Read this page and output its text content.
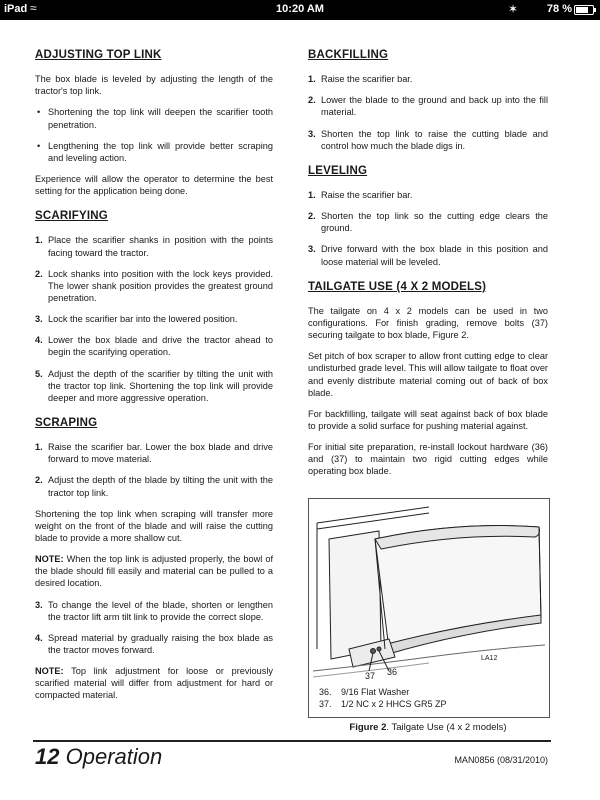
iPad ≈	10:20 AM	✶	78 %
ADJUSTING TOP LINK

The box blade is leveled by adjusting the length of the tractor's top link.

• Shortening the top link will deepen the scarifier tooth penetration.
• Lengthening the top link will provide better scraping and leveling action.

Experience will allow the operator to determine the best setting for the application being done.

SCARIFYING
1. Place the scarifier shanks in position with the points facing toward the tractor.
2. Lock shanks into position with the lock keys provided. The lower shank position provides the greatest ground penetration.
3. Lock the scarifier bar into the lowered position.
4. Lower the box blade and drive the tractor ahead to begin the scarifying operation.
5. Adjust the depth of the scarifier by tilting the unit with the tractor top link. Shortening the top link will provide deeper and more aggressive operation.
SCRAPING
1. Raise the scarifier bar. Lower the box blade and drive forward to move material.
2. Adjust the depth of the blade by tilting the unit with the tractor top link.

Shortening the top link when scraping will transfer more weight on the front of the blade and will raise the cutting blade to provide a more shallow cut.

NOTE: When the top link is adjusted properly, the bowl of the blade should fill easily and material can be pulled to a desired location.

3. To change the level of the blade, shorten or lengthen the tractor lift arm tilt link to provide the correct slope.
4. Spread material by gradually raising the box blade as the tractor moves forward.

NOTE: Top link adjustment for loose or previously scarified material will differ from adjustment for hard or compacted material.

BACKFILLING
1. Raise the scarifier bar.
2. Lower the blade to the ground and back up into the fill material.
3. Shorten the top link to raise the cutting blade and control how much the blade digs in.
LEVELING
1. Raise the scarifier bar.
2. Shorten the top link so the cutting edge clears the ground.
3. Drive forward with the box blade in this position and loose material will be leveled.
TAILGATE USE (4 X 2 MODELS)

The tailgate on 4 x 2 models can be used in two configurations. For finish grading, remove bolts (37) securing tailgate to box blade, Figure 2.

Set pitch of box scraper to allow front cutting edge to clear undisturbed grade level. This will allow tailgate to float over and evenly distribute material coming out of back of box blade.

For backfilling, tailgate will seat against back of box blade to provide a solid surface for pushing material against.

For initial site preparation, re-install lockout hardware (36) and (37) to maintain two rigid cutting edges while operating box blade.

37 36
LA12
36. 9/16 Flat Washer
37. 1/2 NC x 2 HHCS GR5 ZP
Figure 2. Tailgate Use (4 x 2 models)
12 Operation	MAN0856 (08/31/2010)
